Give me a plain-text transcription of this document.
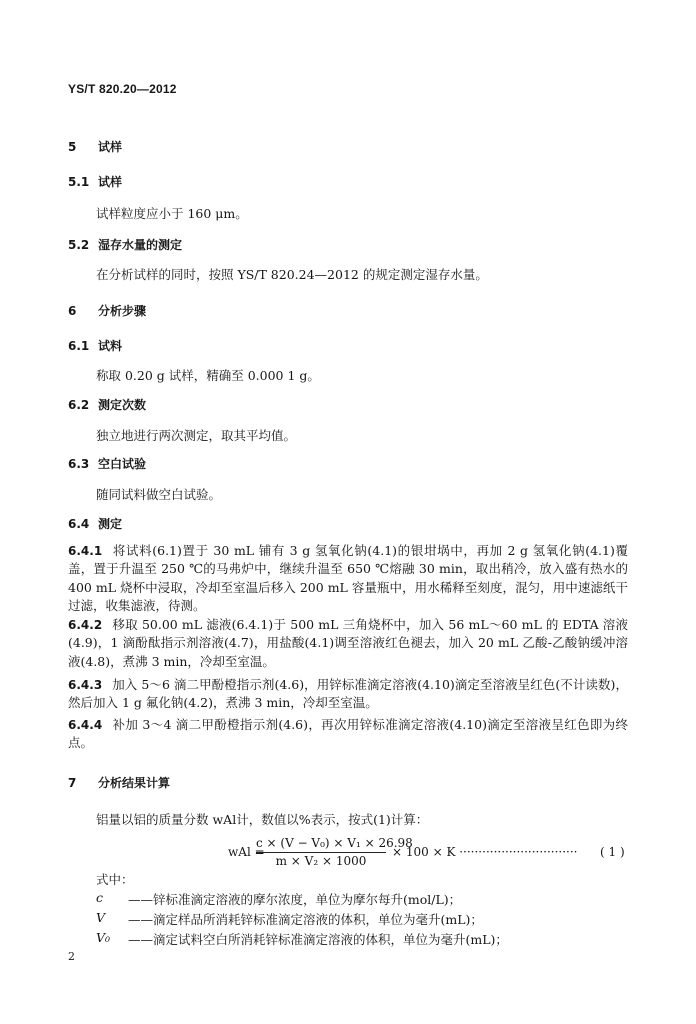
YS/T 820.20—2012
5 试样
5.1 试样
试样粒度应小于 160 μm。
5.2 湿存水量的测定
在分析试样的同时，按照 YS/T 820.24—2012 的规定测定湿存水量。
6 分析步骤
6.1 试料
称取 0.20 g 试样，精确至 0.000 1 g。
6.2 测定次数
独立地进行两次测定，取其平均值。
6.3 空白试验
随同试料做空白试验。
6.4 测定
6.4.1 将试料(6.1)置于 30 mL 铺有 3 g 氢氧化钠(4.1)的银坩埚中，再加 2 g 氢氧化钠(4.1)覆盖，置于升温至 250 ℃的马弗炉中，继续升温至 650 ℃熔融 30 min，取出稍冷，放入盛有热水的 400 mL 烧杯中浸取，冷却至室温后移入 200 mL 容量瓶中，用水稀释至刻度，混匀，用中速滤纸干过滤，收集滤液，待测。
6.4.2 移取 50.00 mL 滤液(6.4.1)于 500 mL 三角烧杯中，加入 56 mL～60 mL 的 EDTA 溶液(4.9)，1 滴酚酞指示剂溶液(4.7)，用盐酸(4.1)调至溶液红色褪去，加入 20 mL 乙酸-乙酸钠缓冲溶液(4.8)，煮沸 3 min，冷却至室温。
6.4.3 加入 5～6 滴二甲酚橙指示剂(4.6)，用锌标准滴定溶液(4.10)滴定至溶液呈红色(不计读数)，然后加入 1 g 氟化钠(4.2)，煮沸 3 min，冷却至室温。
6.4.4 补加 3～4 滴二甲酚橙指示剂(4.6)，再次用锌标准滴定溶液(4.10)滴定至溶液呈红色即为终点。
7 分析结果计算
铝量以铝的质量分数 wAl计，数值以%表示，按式(1)计算：
wAl =
c × (V − V₀) × V₁ × 26.98
m × V₂ × 1000
× 100 × K ······························· ( 1 )
式中：
c ——锌标准滴定溶液的摩尔浓度，单位为摩尔每升(mol/L)；
V ——滴定样品所消耗锌标准滴定溶液的体积，单位为毫升(mL)；
V₀ ——滴定试料空白所消耗锌标准滴定溶液的体积，单位为毫升(mL)；
2
